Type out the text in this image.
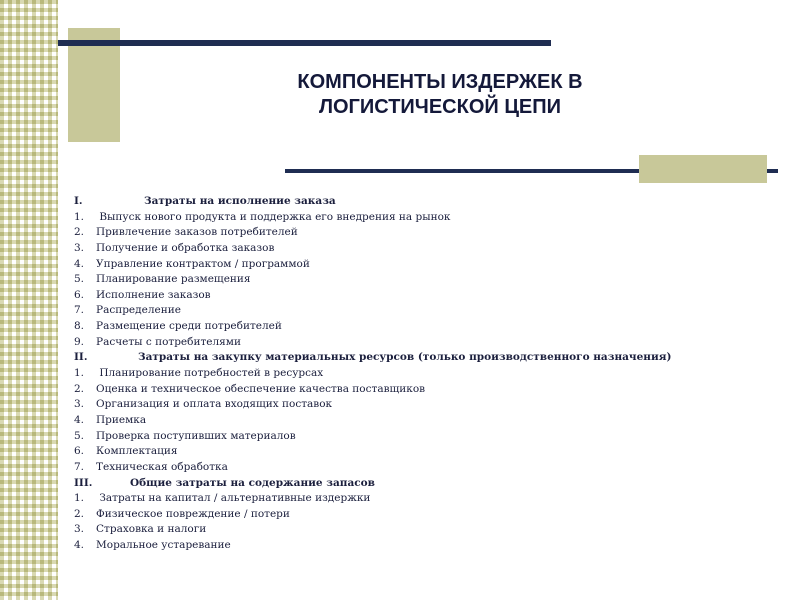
КОМПОНЕНТЫ ИЗДЕРЖЕК В
ЛОГИСТИЧЕСКОЙ ЦЕПИ
I.	Затраты на исполнение заказа
1.	Выпуск нового продукта и поддержка его внедрения на рынок
2.	Привлечение заказов потребителей
3.	Получение и обработка заказов
4.	Управление контрактом / программой
5.	Планирование размещения
6.	Исполнение заказов
7.	Распределение
8.	Размещение среди потребителей
9.	Расчеты с потребителями
II.	Затраты на закупку материальных ресурсов (только производственного назначения)
1.	Планирование потребностей в ресурсах
2.	Оценка и техническое обеспечение качества поставщиков
3.	Организация и оплата входящих поставок
4.	Приемка
5.	Проверка поступивших материалов
6.	Комплектация
7.	Техническая обработка
III.	Общие затраты на содержание запасов
1.	Затраты на капитал / альтернативные издержки
2.	Физическое повреждение / потери
3.	Страховка и налоги
4.	Моральное устаревание
